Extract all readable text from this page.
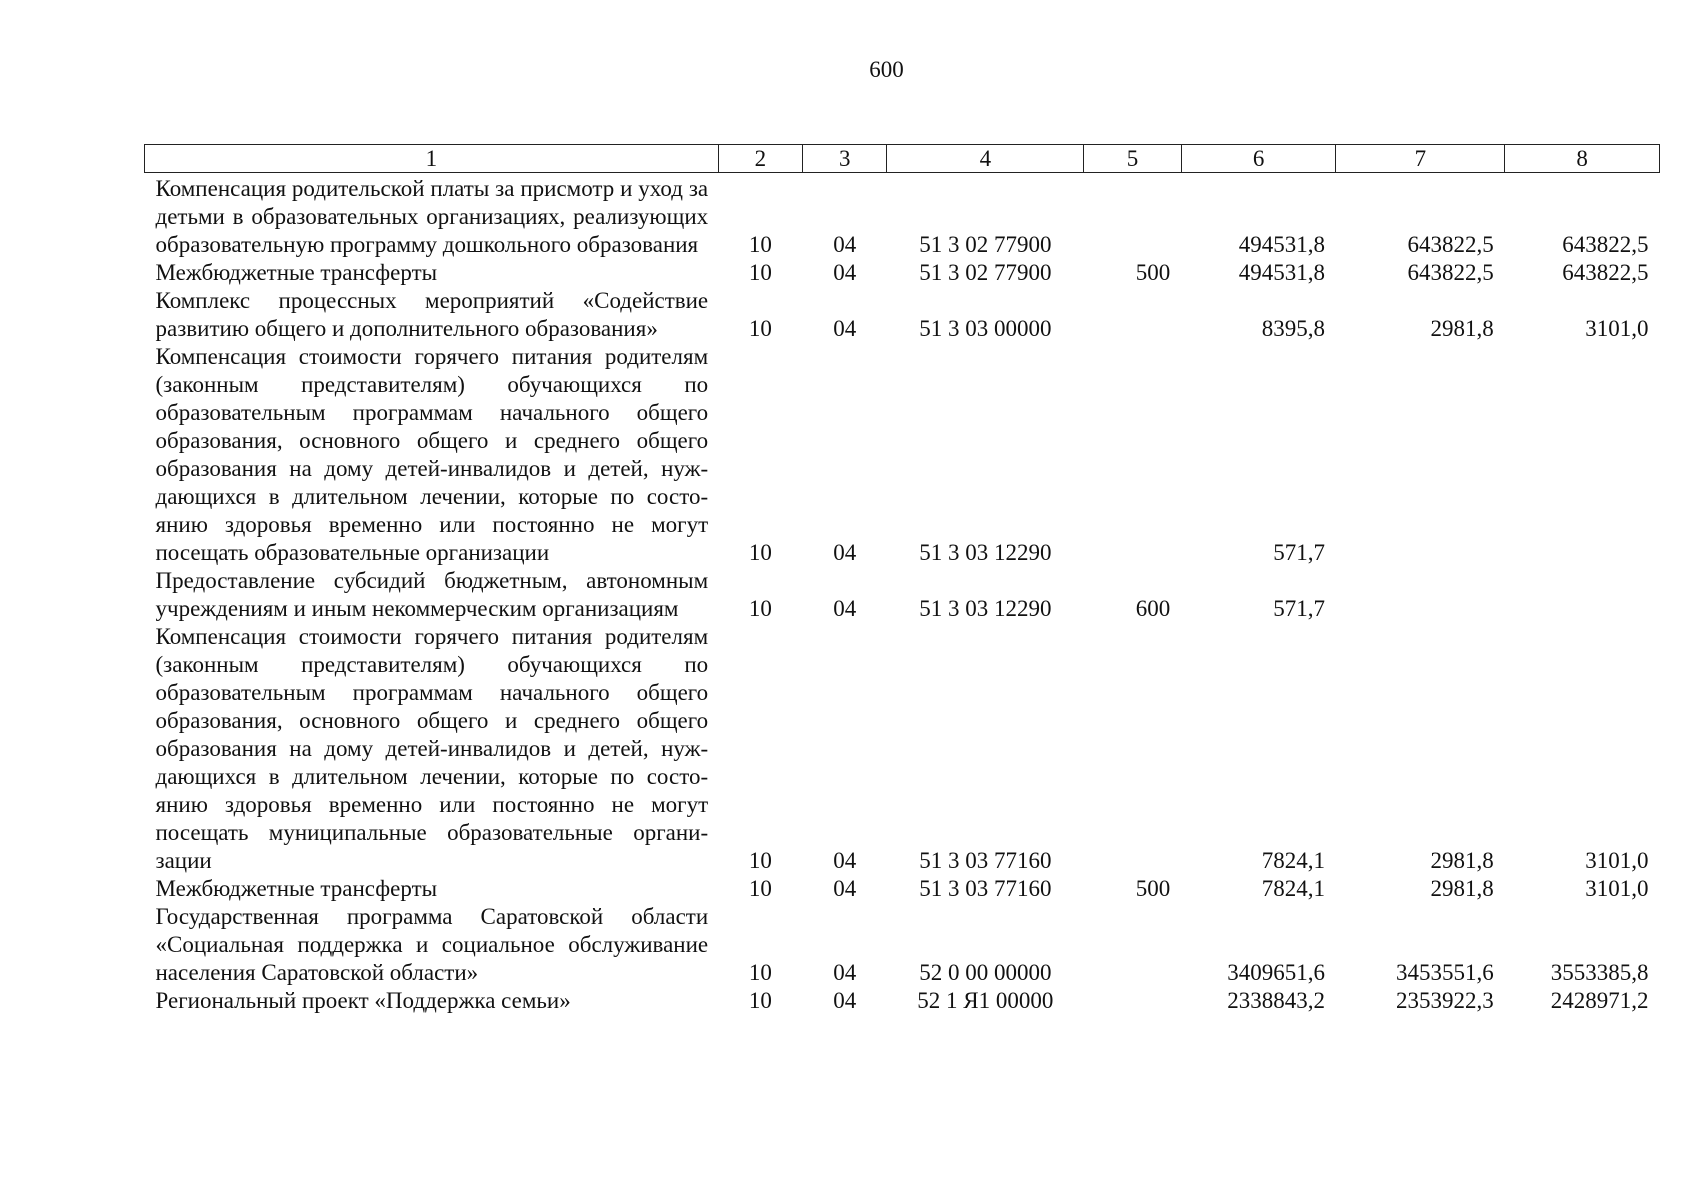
600
1	2	3	4	5	6	7	8
Компенсация родительской платы за присмотр и уход за детьми в образовательных организациях, реализующих образовательную программу дошкольного образования	10	04	51 3 02 77900		494531,8	643822,5	643822,5
Межбюджетные трансферты	10	04	51 3 02 77900	500	494531,8	643822,5	643822,5
Комплекс процессных мероприятий «Содействие развитию общего и дополнительного образования»	10	04	51 3 03 00000		8395,8	2981,8	3101,0
Компенсация стоимости горячего питания родителям (законным представителям) обучающихся по образовательным программам начального общего образования, основного общего и среднего общего образования на дому детей-инвалидов и детей, нуждающихся в длительном лечении, которые по состоянию здоровья временно или постоянно не могут посещать образовательные организации	10	04	51 3 03 12290		571,7		
Предоставление субсидий бюджетным, автономным учреждениям и иным некоммерческим организациям	10	04	51 3 03 12290	600	571,7		
Компенсация стоимости горячего питания родителям (законным представителям) обучающихся по образовательным программам начального общего образования, основного общего и среднего общего образования на дому детей-инвалидов и детей, нуждающихся в длительном лечении, которые по состоянию здоровья временно или постоянно не могут посещать муниципальные образовательные организации	10	04	51 3 03 77160		7824,1	2981,8	3101,0
Межбюджетные трансферты	10	04	51 3 03 77160	500	7824,1	2981,8	3101,0
Государственная программа Саратовской области «Социальная поддержка и социальное обслуживание населения Саратовской области»	10	04	52 0 00 00000		3409651,6	3453551,6	3553385,8
Региональный проект «Поддержка семьи»	10	04	52 1 Я1 00000		2338843,2	2353922,3	2428971,2
